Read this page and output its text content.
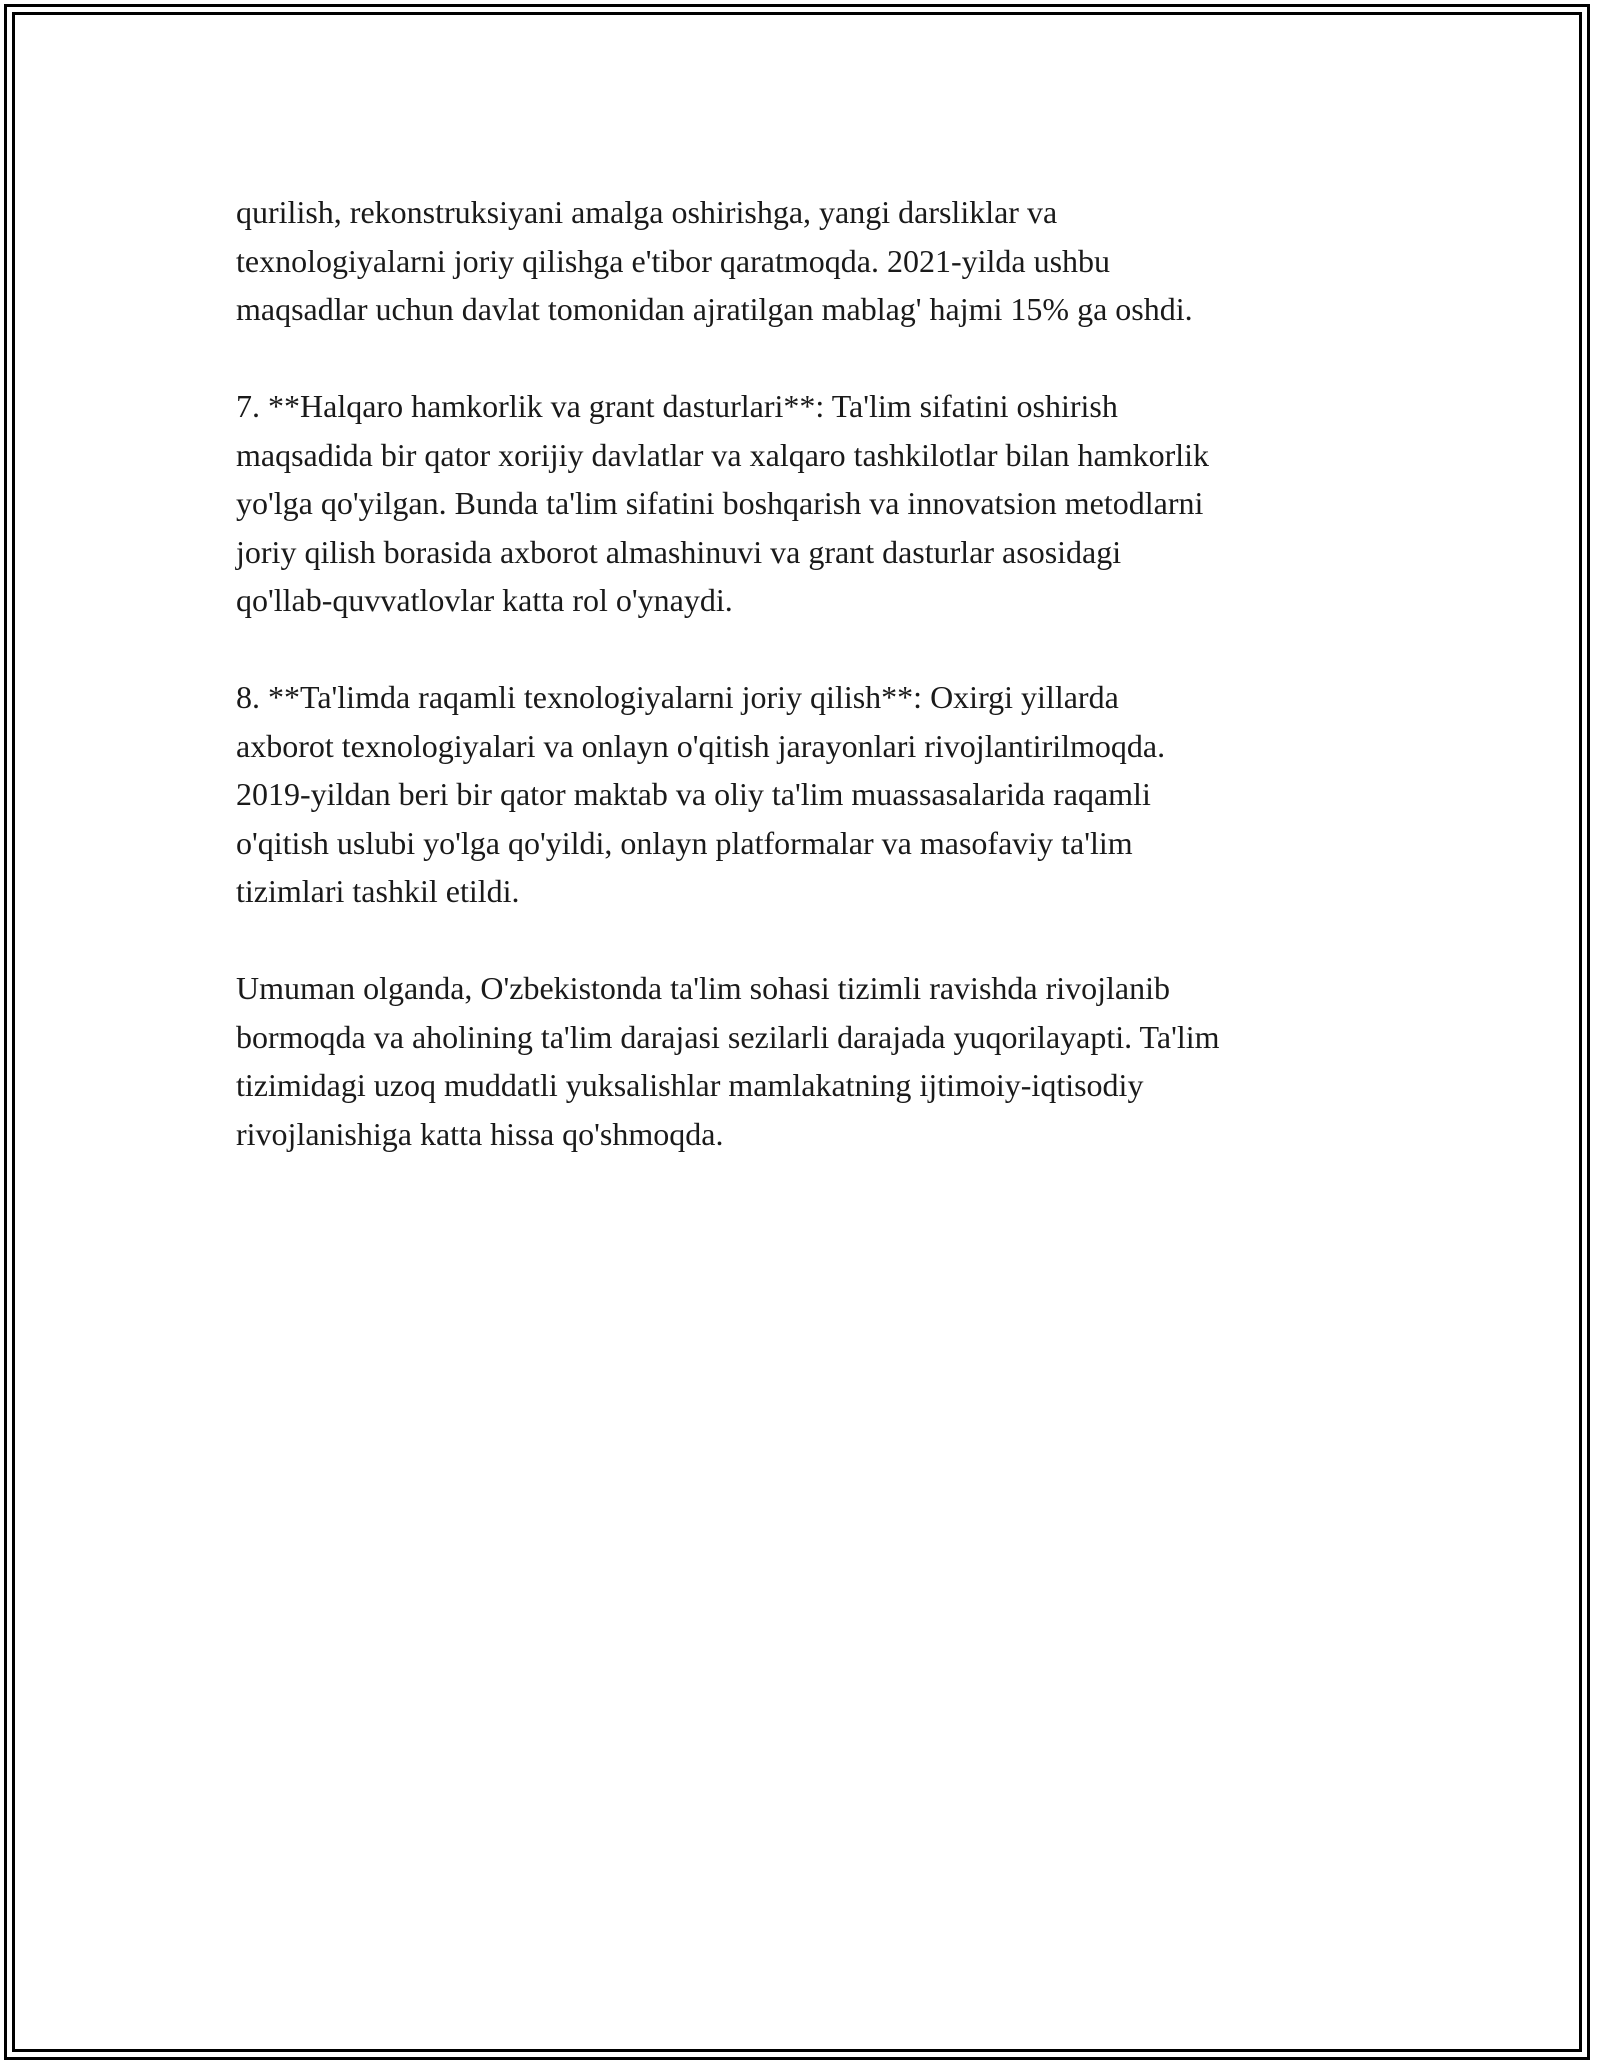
qurilish, rekonstruksiyani amalga oshirishga, yangi darsliklar va
texnologiyalarni joriy qilishga e'tibor qaratmoqda. 2021-yilda ushbu
maqsadlar uchun davlat tomonidan ajratilgan mablag' hajmi 15% ga oshdi.

7. **Halqaro hamkorlik va grant dasturlari**: Ta'lim sifatini oshirish
maqsadida bir qator xorijiy davlatlar va xalqaro tashkilotlar bilan hamkorlik
yo'lga qo'yilgan. Bunda ta'lim sifatini boshqarish va innovatsion metodlarni
joriy qilish borasida axborot almashinuvi va grant dasturlar asosidagi
qo'llab-quvvatlovlar katta rol o'ynaydi.

8. **Ta'limda raqamli texnologiyalarni joriy qilish**: Oxirgi yillarda
axborot texnologiyalari va onlayn o'qitish jarayonlari rivojlantirilmoqda.
2019-yildan beri bir qator maktab va oliy ta'lim muassasalarida raqamli
o'qitish uslubi yo'lga qo'yildi, onlayn platformalar va masofaviy ta'lim
tizimlari tashkil etildi.

Umuman olganda, O'zbekistonda ta'lim sohasi tizimli ravishda rivojlanib
bormoqda va aholining ta'lim darajasi sezilarli darajada yuqorilayapti. Ta'lim
tizimidagi uzoq muddatli yuksalishlar mamlakatning ijtimoiy-iqtisodiy
rivojlanishiga katta hissa qo'shmoqda.
